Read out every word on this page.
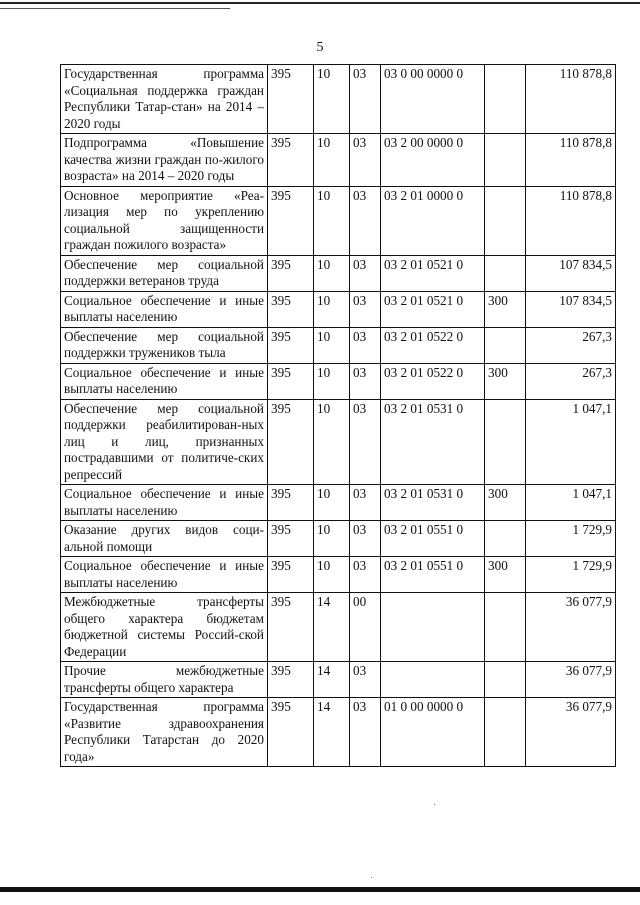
5
Государственная программа «Социальная поддержка граждан Республики Татар-стан» на 2014 – 2020 годы	395	10	03	03 0 00 0000 0		110 878,8
Подпрограмма «Повышение качества жизни граждан по-жилого возраста» на 2014 – 2020 годы	395	10	03	03 2 00 0000 0		110 878,8
Основное мероприятие «Реа-лизация мер по укреплению социальной защищенности граждан пожилого возраста»	395	10	03	03 2 01 0000 0		110 878,8
Обеспечение мер социальной поддержки ветеранов труда	395	10	03	03 2 01 0521 0		107 834,5
Социальное обеспечение и иные выплаты населению	395	10	03	03 2 01 0521 0	300	107 834,5
Обеспечение мер социальной поддержки тружеников тыла	395	10	03	03 2 01 0522 0		267,3
Социальное обеспечение и иные выплаты населению	395	10	03	03 2 01 0522 0	300	267,3
Обеспечение мер социальной поддержки реабилитирован-ных лиц и лиц, признанных пострадавшими от политиче-ских репрессий	395	10	03	03 2 01 0531 0		1 047,1
Социальное обеспечение и иные выплаты населению	395	10	03	03 2 01 0531 0	300	1 047,1
Оказание других видов соци-альной помощи	395	10	03	03 2 01 0551 0		1 729,9
Социальное обеспечение и иные выплаты населению	395	10	03	03 2 01 0551 0	300	1 729,9
Межбюджетные трансферты общего характера бюджетам бюджетной системы Россий-ской Федерации	395	14	00			36 077,9
Прочие межбюджетные трансферты общего характера	395	14	03			36 077,9
Государственная программа «Развитие здравоохранения Республики Татарстан до 2020 года»	395	14	03	01 0 00 0000 0		36 077,9
